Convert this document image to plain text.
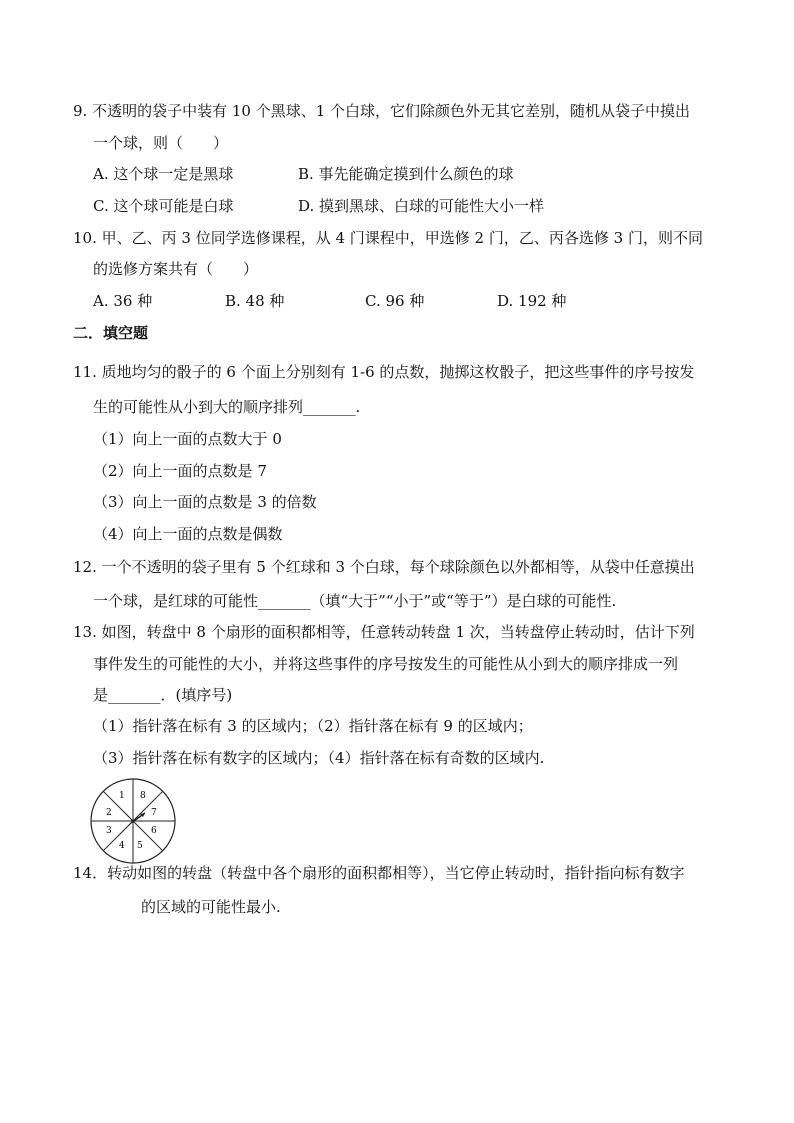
9. 不透明的袋子中装有 10 个黑球、1 个白球，它们除颜色外无其它差别，随机从袋子中摸出
一个球，则（　　）
A. 这个球一定是黑球	B. 事先能确定摸到什么颜色的球
C. 这个球可能是白球	D. 摸到黑球、白球的可能性大小一样
10. 甲、乙、丙 3 位同学选修课程，从 4 门课程中，甲选修 2 门，乙、丙各选修 3 门，则不同
的选修方案共有（　　）
A. 36 种	B. 48 种	C. 96 种	D. 192 种
二．填空题
11. 质地均匀的骰子的 6 个面上分别刻有 1-6 的点数，抛掷这枚骰子，把这些事件的序号按发
生的可能性从小到大的顺序排列_______.
（1）向上一面的点数大于 0
（2）向上一面的点数是 7
（3）向上一面的点数是 3 的倍数
（4）向上一面的点数是偶数
12. 一个不透明的袋子里有 5 个红球和 3 个白球，每个球除颜色以外都相等，从袋中任意摸出
一个球，是红球的可能性_______（填“大于”“小于”或“等于”）是白球的可能性.
13. 如图，转盘中 8 个扇形的面积都相等，任意转动转盘 1 次，当转盘停止转动时，估计下列
事件发生的可能性的大小，并将这些事件的序号按发生的可能性从小到大的顺序排成一列
是_______．(填序号)
（1）指针落在标有 3 的区域内；（2）指针落在标有 9 的区域内；
（3）指针落在标有数字的区域内；（4）指针落在标有奇数的区域内.
1 8
7
6
5
4
3
2
14．转动如图的转盘（转盘中各个扇形的面积都相等），当它停止转动时，指针指向标有数字
的区域的可能性最小.
